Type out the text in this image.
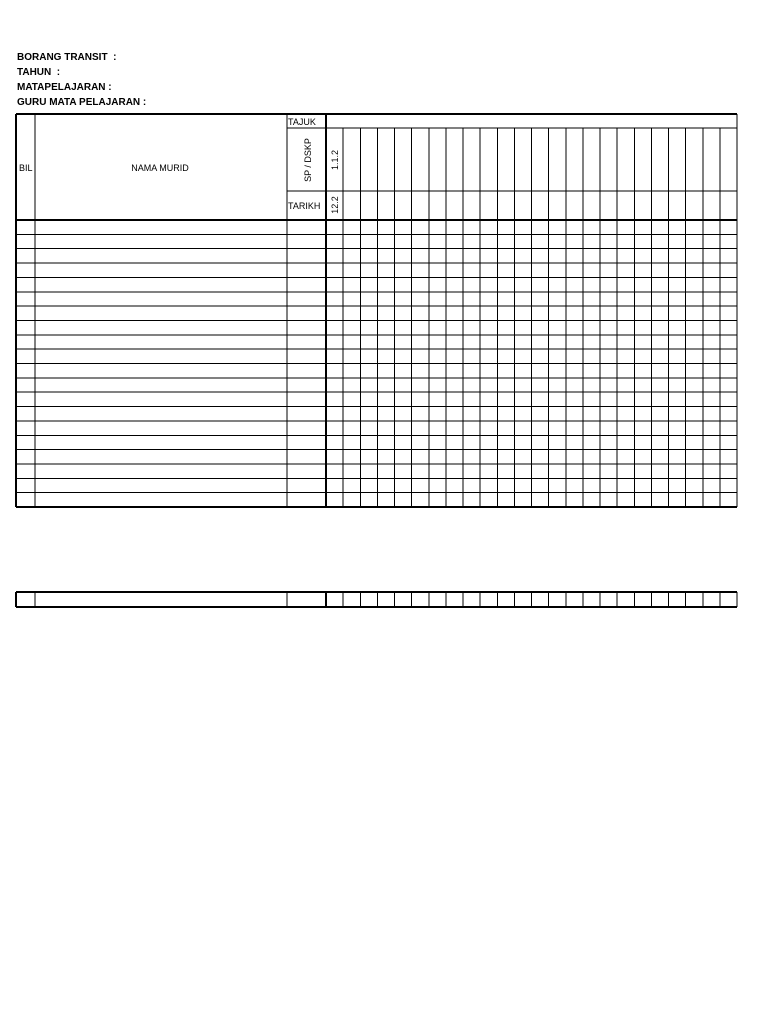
BORANG TRANSIT  :
TAHUN  :
MATAPELAJARAN :
GURU MATA PELAJARAN :
BIL	NAMA MURID
TAJUK
TARIKH
SP / DSKP 1.1.2
12.2
